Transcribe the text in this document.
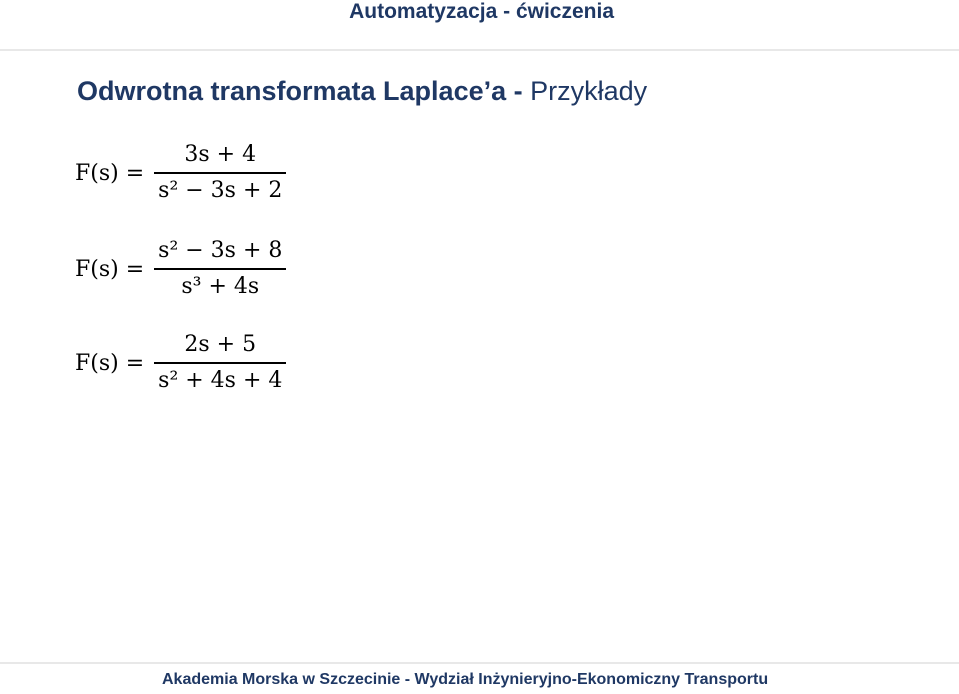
Automatyzacja - ćwiczenia
Odwrotna transformata Laplace’a - Przykłady
$F(s) = \frac{3s + 4}{\text{s² − 3s + 2}}$
$F(s) = \frac{\text{s² − 3s + 8}}{\text{s³ + 4s}}$
$F(s) = \frac{2s + 5}{\text{s² + 4s + 4}}$
Akademia Morska w Szczecinie - Wydział Inżynieryjno-Ekonomiczny Transportu
